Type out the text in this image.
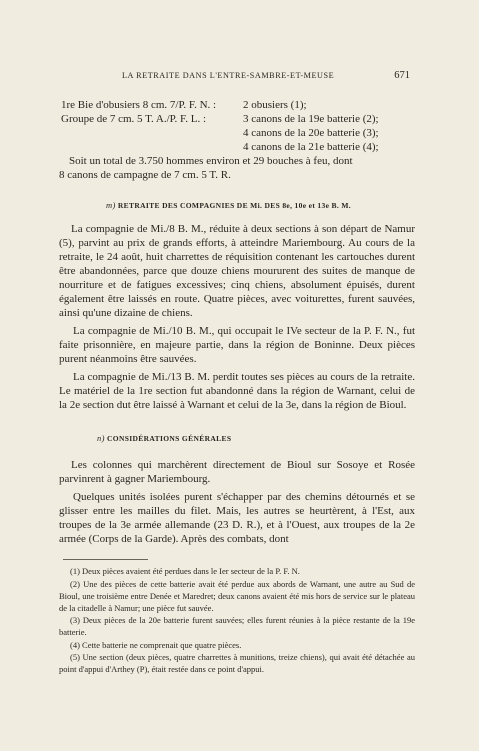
LA RETRAITE DANS L'ENTRE-SAMBRE-ET-MEUSE	671
1re Bie d'obusiers 8 cm. 7/P. F. N. : 2 obusiers (1);
Groupe de 7 cm. 5 T. A./P. F. L. :	3 canons de la 19e batterie (2);
4 canons de la 20e batterie (3);
4 canons de la 21e batterie (4);
Soit un total de 3.750 hommes environ et 29 bouches à feu, dont
8 canons de campagne de 7 cm. 5 T. R.
m) RETRAITE DES COMPAGNIES DE Mi. DES 8e, 10e et 13e B. M.

La compagnie de Mi./8 B. M., réduite à deux sections à son départ de Namur (5), parvint au prix de grands efforts, à atteindre Mariembourg. Au cours de la retraite, le 24 août, huit charrettes de réquisition contenant les cartouches durent être abandonnées, parce que douze chiens moururent des suites de manque de nourriture et de fatigues excessives; cinq chiens, absolument épuisés, durent également être laissés en route. Quatre pièces, avec voiturettes, furent sauvées, ainsi qu'une dizaine de chiens.

La compagnie de Mi./10 B. M., qui occupait le IVe secteur de la P. F. N., fut faite prisonnière, en majeure partie, dans la région de Boninne. Deux pièces purent néanmoins être sauvées.

La compagnie de Mi./13 B. M. perdit toutes ses pièces au cours de la retraite. Le matériel de la 1re section fut abandonné dans la région de Warnant, celui de la 2e section dut être laissé à Warnant et celui de la 3e, dans la région de Bioul.

n) CONSIDÉRATIONS GÉNÉRALES

Les colonnes qui marchèrent directement de Bioul sur Sosoye et Rosée parvinrent à gagner Mariembourg.

Quelques unités isolées purent s'échapper par des chemins détournés et se glisser entre les mailles du filet. Mais, les autres se heurtèrent, à l'Est, aux troupes de la 3e armée allemande (23 D. R.), et à l'Ouest, aux troupes de la 2e armée (Corps de la Garde). Après des combats, dont

(1) Deux pièces avaient été perdues dans le Ier secteur de la P. F. N.

(2) Une des pièces de cette batterie avait été perdue aux abords de Warnant, une autre au Sud de Bioul, une troisième entre Denée et Maredret; deux canons avaient été mis hors de service sur le plateau de la citadelle à Namur; une pièce fut sauvée.

(3) Deux pièces de la 20e batterie furent sauvées; elles furent réunies à la pièce restante de la 19e batterie.

(4) Cette batterie ne comprenait que quatre pièces.

(5) Une section (deux pièces, quatre charrettes à munitions, treize chiens), qui avait été détachée au point d'appui d'Arthey (P), était restée dans ce point d'appui.
